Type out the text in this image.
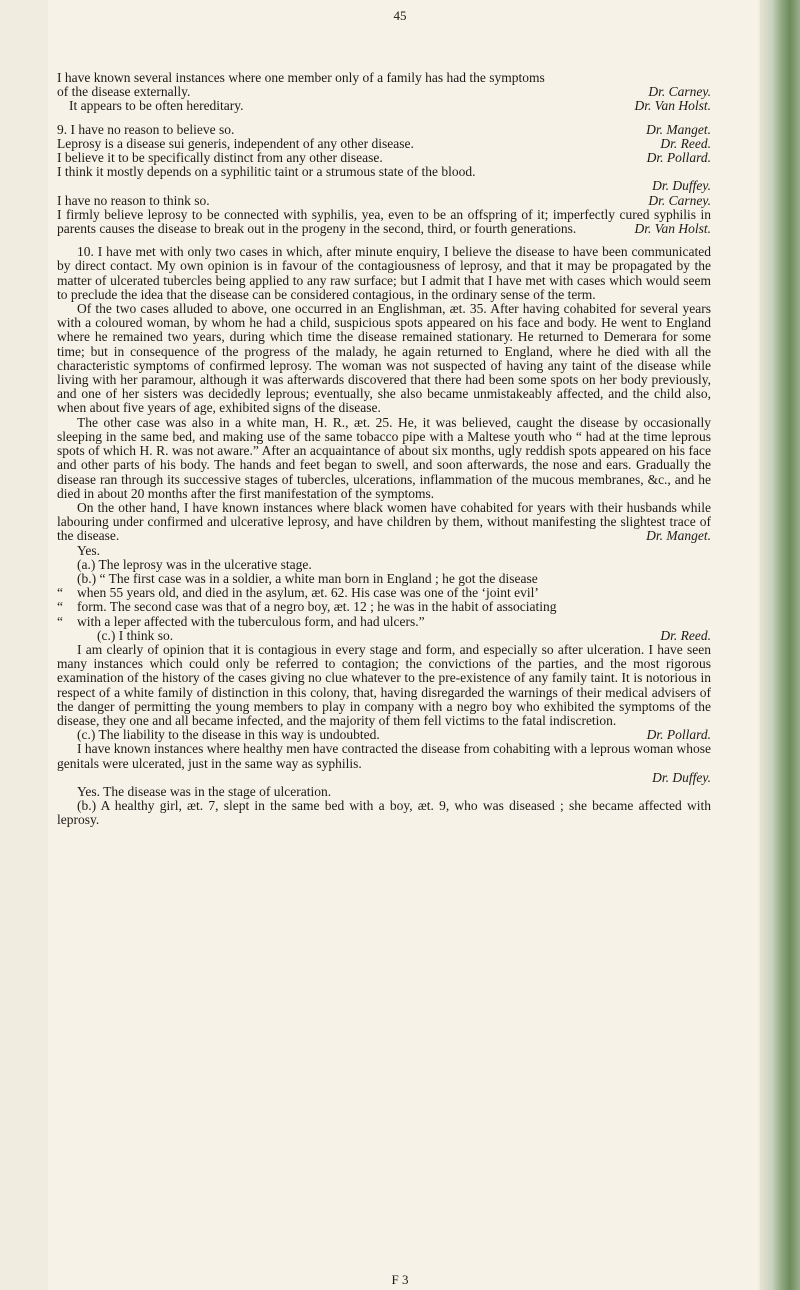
45

I have known several instances where one member only of a family has had the symptoms

of the disease externally.	Dr. Carney.
It appears to be often hereditary.	Dr. Van Holst.
9. I have no reason to believe so.	Dr. Manget.
Leprosy is a disease sui generis, independent of any other disease.	Dr. Reed.
I believe it to be specifically distinct from any other disease.	Dr. Pollard.

I think it mostly depends on a syphilitic taint or a strumous state of the blood.

Dr. Duffey.

I have no reason to think so.	Dr. Carney.

I firmly believe leprosy to be connected with syphilis, yea, even to be an offspring of it; imperfectly cured syphilis in parents causes the disease to break out in the progeny in the second, third, or fourth generations.	Dr. Van Holst.

10. I have met with only two cases in which, after minute enquiry, I believe the disease to have been communicated by direct contact. My own opinion is in favour of the contagiousness of leprosy, and that it may be propagated by the matter of ulcerated tubercles being applied to any raw surface; but I admit that I have met with cases which would seem to preclude the idea that the disease can be considered contagious, in the ordinary sense of the term.

Of the two cases alluded to above, one occurred in an Englishman, æt. 35. After having cohabited for several years with a coloured woman, by whom he had a child, suspicious spots appeared on his face and body. He went to England where he remained two years, during which time the disease remained stationary. He returned to Demerara for some time; but in consequence of the progress of the malady, he again returned to England, where he died with all the characteristic symptoms of confirmed leprosy. The woman was not suspected of having any taint of the disease while living with her paramour, although it was afterwards discovered that there had been some spots on her body previously, and one of her sisters was decidedly leprous; eventually, she also became unmistakeably affected, and the child also, when about five years of age, exhibited signs of the disease.

The other case was also in a white man, H. R., æt. 25. He, it was believed, caught the disease by occasionally sleeping in the same bed, and making use of the same tobacco pipe with a Maltese youth who “ had at the time leprous spots of which H. R. was not aware.” After an acquaintance of about six months, ugly reddish spots appeared on his face and other parts of his body. The hands and feet began to swell, and soon afterwards, the nose and ears. Gradually the disease ran through its successive stages of tubercles, ulcerations, inflammation of the mucous membranes, &c., and he died in about 20 months after the first manifestation of the symptoms.

On the other hand, I have known instances where black women have cohabited for years with their husbands while labouring under confirmed and ulcerative leprosy, and have children by them, without manifesting the slightest trace of the disease.	Dr. Manget.

Yes.

(a.) The leprosy was in the ulcerative stage.

(b.) “ The first case was in a soldier, a white man born in England ; he got the disease

“	when 55 years old, and died in the asylum, æt. 62. His case was one of the ‘joint evil’
“	form. The second case was that of a negro boy, æt. 12 ; he was in the habit of associating
“	with a leper affected with the tuberculous form, and had ulcers.”
(c.) I think so.	Dr. Reed.

I am clearly of opinion that it is contagious in every stage and form, and especially so after ulceration. I have seen many instances which could only be referred to contagion; the convictions of the parties, and the most rigorous examination of the history of the cases giving no clue whatever to the pre-existence of any family taint. It is notorious in respect of a white family of distinction in this colony, that, having disregarded the warnings of their medical advisers of the danger of permitting the young members to play in company with a negro boy who exhibited the symptoms of the disease, they one and all became infected, and the majority of them fell victims to the fatal indiscretion.

(c.) The liability to the disease in this way is undoubted.	Dr. Pollard.

I have known instances where healthy men have contracted the disease from cohabiting with a leprous woman whose genitals were ulcerated, just in the same way as syphilis.

Dr. Duffey.

Yes. The disease was in the stage of ulceration.

(b.) A healthy girl, æt. 7, slept in the same bed with a boy, æt. 9, who was diseased ; she became affected with leprosy.

F 3
